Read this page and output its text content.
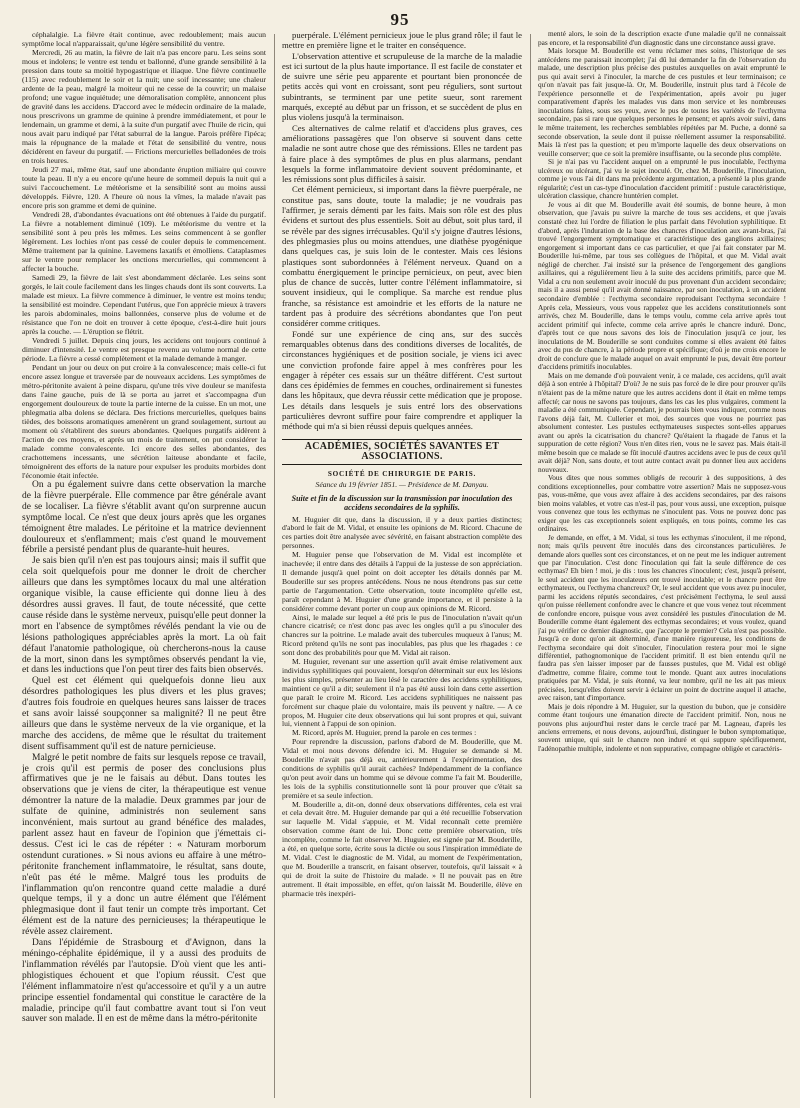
95

céphalalgie. La fièvre était continue, avec redoublement; mais aucun symptôme local n'apparaissait, qu'une légère sensibilité du ventre.

Mercredi, 26 au matin, la fièvre de lait n'a pas encore paru. Les seins sont mous et indolens; le ventre est tendu et ballonné, d'une grande sensibilité à la pression dans toute sa moitié hypogastrique et iliaque. Une fièvre continuelle (115) avec redoublement le soir et la nuit; une soif incessante; une chaleur ardente de la peau, malgré la moiteur qui ne cesse de la couvrir; un malaise profond; une vague inquiétude; une démoralisation complète, annoncent plus de gravité dans les accidens. D'accord avec le médecin ordinaire de la malade, nous prescrivons un gramme de quinine à prendre immédiatement, et pour le lendemain, un gramme et demi, à la suite d'un purgatif avec l'huile de ricin, qui nous avait paru indiqué par l'état saburral de la langue. Parois préfère l'ipéca; mais la répugnance de la malade et l'état de sensibilité du ventre, nous décidèrent en faveur du purgatif. — Frictions mercurielles belladonées de trois en trois heures.

Jeudi 27 mai, même état, sauf une abondante éruption miliaire qui couvre toute la peau. Il n'y a eu encore qu'une heure de sommeil depuis la nuit qui a suivi l'accouchement. Le météorisme et la sensibilité sont au moins aussi développés. Fièvre, 120. A l'heure où nous la vîmes, la malade n'avait pas encore pris son gramme et demi de quinine.

Vendredi 28, d'abondantes évacuations ont été obtenues à l'aide du purgatif. La fièvre a notablement diminué (109). Le météorisme du ventre et la sensibilité sont à peu près les mêmes. Les seins commencent à se gonfler légèrement. Les lochies n'ont pas cessé de couler depuis le commencement. Même traitement par la quinine. Lavemens laxatifs et émolliens. Cataplasmes sur le ventre pour remplacer les onctions mercurielles, qui commencent à affecter la bouche.

Samedi 29, la fièvre de lait s'est abondamment déclarée. Les seins sont gorgés, le lait coule facilement dans les linges chauds dont ils sont couverts. La malade est mieux. La fièvre commence à diminuer, le ventre est moins tendu; la sensibilité est moindre. Cependant l'utérus, que l'on apprécie mieux à travers les parois abdominales, moins ballonnées, conserve plus de volume et de résistance que l'on ne doit en trouver à cette époque, c'est-à-dire huit jours après la couche. — L'éruption se flétrit.

Vendredi 5 juillet. Depuis cinq jours, les accidens ont toujours continué à diminuer d'intensité. Le ventre est presque revenu au volume normal de cette période. La fièvre a cessé complètement et la malade demande à manger.

Pendant un jour ou deux on put croire à la convalescence; mais celle-ci fut encore assez longue et traversée par de nouveaux accidens. Les symptômes de métro-péritonite avaient à peine disparu, qu'une très vive douleur se manifesta dans l'aine gauche, puis de là se porta au jarret et s'accompagna d'un engorgement douloureux de toute la partie interne de la cuisse. En un mot, une phlegmatia alba dolens se déclara. Des frictions mercurielles, quelques bains tièdes, des boissons aromatiques amenèrent un grand soulagement, surtout au moment où s'établirent des sueurs abondantes. Quelques purgatifs aidèrent à l'action de ces moyens, et après un mois de traitement, on put considérer la malade comme convalescente. Ici encore des selles abondantes, des crachottemens incessants, une sécrétion laiteuse abondante et facile, témoignèrent des efforts de la nature pour expulser les produits morbides dont l'économie était infectée.

On a pu également suivre dans cette observation la marche de la fièvre puerpérale. Elle commence par être générale avant de se localiser. La fièvre s'établit avant qu'on surprenne aucun symptôme local. Ce n'est que deux jours après que les organes témoignent être malades. Le péritoine et la matrice deviennent douloureux et s'enflamment; mais c'est quand le mouvement fébrile a persisté pendant plus de quarante-huit heures.

Je sais bien qu'il n'en est pas toujours ainsi; mais il suffit que cela soit quelquefois pour me donner le droit de chercher ailleurs que dans les symptômes locaux du mal une altération organique visible, la cause efficiente qui donne lieu à des désordres aussi graves. Il faut, de toute nécessité, que cette cause réside dans le système nerveux, puisqu'elle peut donner la mort en l'absence de symptômes révélés pendant la vie ou de lésions pathologiques appréciables après la mort. La où fait défaut l'anatomie pathologique, où chercherons-nous la cause de la mort, sinon dans les symptômes observés pendant la vie, et dans les inductions que l'on peut tirer des faits bien observés.

Quel est cet élément qui quelquefois donne lieu aux désordres pathologiques les plus divers et les plus graves; d'autres fois foudroie en quelques heures sans laisser de traces et sans avoir laissé soupçonner sa malignité? Il ne peut être ailleurs que dans le système nerveux de la vie organique, et la marche des accidens, de même que le résultat du traitement disent suffisamment qu'il est de nature pernicieuse.

Malgré le petit nombre de faits sur lesquels repose ce travail, je crois qu'il est permis de poser des conclusions plus affirmatives que je ne le faisais au début. Dans toutes les observations que je viens de citer, la thérapeutique est venue démontrer la nature de la maladie. Deux grammes par jour de sulfate de quinine, administrés non seulement sans inconvénient, mais surtout au grand bénéfice des malades, parlent assez haut en faveur de l'opinion que j'émettais ci-dessus. C'est ici le cas de répéter : « Naturam morborum ostendunt curationes. » Si nous avions eu affaire à une métro-péritonite franchement inflammatoire, le résultat, sans doute, n'eût pas été le même. Malgré tous les produits de l'inflammation qu'on rencontre quand cette maladie a duré quelque temps, il y a donc un autre élément que l'élément phlegmasique dont il faut tenir un compte très important. Cet élément est de la nature des pernicieuses; la thérapeutique le révèle assez clairement.

Dans l'épidémie de Strasbourg et d'Avignon, dans la méningo-céphalite épidémique, il y a aussi des produits de l'inflammation révélés par l'autopsie. D'où vient que les anti-phlogistiques échouent et que l'opium réussit. C'est que l'élément inflammatoire n'est qu'accessoire et qu'il y a un autre principe essentiel fondamental qui constitue le caractère de la maladie, principe qu'il faut combattre avant tout si l'on veut sauver son malade. Il en est de même dans la métro-péritonite

puerpérale. L'élément pernicieux joue le plus grand rôle; il faut le mettre en première ligne et le traiter en conséquence.

L'observation attentive et scrupuleuse de la marche de la maladie est ici surtout de la plus haute importance. Il est facile de constater et de suivre une série peu apparente et pourtant bien prononcée de petits accès qui vont en croissant, sont peu réguliers, sont surtout subintrants, se terminent par une petite sueur, sont rarement marqués, excepté au début par un frisson, et se succèdent de plus en plus violens jusqu'à la terminaison.

Ces alternatives de calme relatif et d'accidens plus graves, ces améliorations passagères que l'on observe si souvent dans cette maladie ne sont autre chose que des rémissions. Elles ne tardent pas à faire place à des symptômes de plus en plus alarmans, pendant lesquels la forme inflammatoire devient souvent prédominante, et les rémissions sont plus difficiles à saisir.

Cet élément pernicieux, si important dans la fièvre puerpérale, ne constitue pas, sans doute, toute la maladie; je ne voudrais pas l'affirmer, je serais démenti par les faits. Mais son rôle est des plus évidens et surtout des plus essentiels. Soit au début, soit plus tard, il se révèle par des signes irrécusables. Qu'il s'y joigne d'autres lésions, des phlegmasies plus ou moins attendues, une diathèse pyogénique dans quelques cas, je suis loin de le contester. Mais ces lésions plastiques sont subordonnées à l'élément nerveux. Quand on a combattu énergiquement le principe pernicieux, on peut, avec bien plus de chance de succès, lutter contre l'élément inflammatoire, si souvent insidieux, qui le complique. Sa marche est rendue plus franche, sa résistance est amoindrie et les efforts de la nature ne tardent pas à produire des sécrétions abondantes que l'on peut considérer comme critiques.

Fondé sur une expérience de cinq ans, sur des succès remarquables obtenus dans des conditions diverses de localités, de circonstances hygiéniques et de position sociale, je viens ici avec une conviction profonde faire appel à mes confrères pour les engager à répéter ces essais sur un théâtre différent. C'est surtout dans ces épidémies de femmes en couches, ordinairement si funestes dans les hôpitaux, que devra réussir cette médication que je propose. Les détails dans lesquels je suis entré lors des observations particulières devront suffire pour faire comprendre et appliquer la méthode qui m'a si bien réussi depuis quelques années.

ACADÉMIES, SOCIÉTÉS SAVANTES ET ASSOCIATIONS.
SOCIÉTÉ DE CHIRURGIE DE PARIS.
Séance du 19 février 1851. — Présidence de M. Danyau.
Suite et fin de la discussion sur la transmission par inoculation des accidens secondaires de la syphilis.

M. Huguier dit que, dans la discussion, il y a deux parties distinctes; d'abord le fait de M. Vidal, et ensuite les opinions de M. Ricord. Chacune de ces parties doit être analysée avec sévérité, en faisant abstraction complète des personnes.

M. Huguier pense que l'observation de M. Vidal est incomplète et inachevée; il entre dans des détails à l'appui de la justesse de son appréciation. Il demande jusqu'à quel point on doit accepter les détails donnés par M. Bouderille sur ses propres antécédens. Nous ne nous étendrons pas sur cette partie de l'argumentation. Cette observation, toute incomplète qu'elle est, paraît cependant à M. Huguier d'une grande importance, et il persiste à la considérer comme devant porter un coup aux opinions de M. Ricord.

Ainsi, le malade sur lequel a été pris le pus de l'inoculation n'avait qu'un chancre cicatrisé; ce n'est donc pas avec les ongles qu'il a pu s'inoculer des chancres sur la poitrine. Le malade avait des tubercules muqueux à l'anus; M. Ricord prétend qu'ils ne sont pas inoculables, pas plus que les rhagades : ce sont donc des probabilités pour que M. Vidal ait raison.

M. Huguier, revenant sur une assertion qu'il avait émise relativement aux individus syphilitiques qui pouvaient, lorsqu'on déterminait sur eux les lésions les plus simples, présenter au lieu lésé le caractère des accidens syphilitiques, maintient ce qu'il a dit; seulement il n'a pas été aussi loin dans cette assertion que paraît le croire M. Ricord. Les accidens syphilitiques ne naissent pas forcément sur chaque plaie du volontaire, mais ils peuvent y naître. — A ce propos, M. Huguier cite deux observations qui lui sont propres et qui, suivant lui, viennent à l'appui de son opinion.

M. Ricord, après M. Huguier, prend la parole en ces termes :

Pour reprendre la discussion, parlons d'abord de M. Bouderille, que M. Vidal et moi nous devons défendre ici. M. Huguier se demande si M. Bouderille n'avait pas déjà eu, antérieurement à l'expérimentation, des conditions de syphilis qu'il aurait cachées? Indépendamment de la confiance qu'on peut avoir dans un homme qui se dévoue comme l'a fait M. Bouderille, les lois de la syphilis constitutionnelle sont là pour prouver que c'était sa première et sa seule infection.

M. Bouderille a, dit-on, donné deux observations différentes, cela est vrai et cela devait être. M. Huguier demande par qui a été recueillie l'observation sur laquelle M. Vidal s'appuie, et M. Vidal reconnaît cette première observation comme étant de lui. Donc cette première observation, très incomplète, comme le fait observer M. Huguier, est signée par M. Bouderille, a été, en quelque sorte, écrite sous la dictée ou sous l'inspiration immédiate de M. Vidal. C'est le diagnostic de M. Vidal, au moment de l'expérimentation, que M. Bouderille a transcrit, en faisant observer, toutefois, qu'il laissait « à qui de droit la suite de l'histoire du malade. » Il ne pouvait pas en être autrement. Il était impossible, en effet, qu'on laissât M. Bouderille, élève en pharmacie très inexpéri-

menté alors, le soin de la description exacte d'une maladie qu'il ne connaissait pas encore, et la responsabilité d'un diagnostic dans une circonstance aussi grave.

Mais lorsque M. Bouderille est venu réclamer mes soins, l'historique de ses antécédens me paraissait incomplet; j'ai dû lui demander la fin de l'observation du malade, une description plus précise des pustules auxquelles on avait emprunté le pus qui avait servi à l'inoculer, la marche de ces pustules et leur terminaison; ce qu'on n'avait pas fait jusque-là. Or, M. Bouderille, instruit plus tard à l'école de l'expérience personnelle et de l'expérimentation, après avoir pu juger comparativement d'après les malades vus dans mon service et les nombreuses inoculations faites, sous ses yeux, avec le pus de toutes les variétés de l'ecthyma secondaire, pas si rare que quelques personnes le pensent; et après avoir suivi, dans le même traitement, les recherches semblables répétées par M. Puche, a donné sa seconde observation, la seule dont il puisse réellement assumer la responsabilité. Mais là n'est pas la question; et peu m'importe laquelle des deux observations on veuille conserver; que ce soit la première insuffisante, ou la seconde plus complète.

Si je n'ai pas vu l'accident auquel on a emprunté le pus inoculable, l'ecthyma ulcéreux ou ulcérant, j'ai vu le sujet inoculé. Or, chez M. Bouderille, l'inoculation, comme je vous l'ai dit dans ma précédente argumentation, a présenté la plus grande régularité; c'est un cas-type d'inoculation d'accident primitif : pustule caractéristique, ulcération classique, chancre huntérien complet.

Je vous ai dit que M. Bouderille avait été soumis, de bonne heure, à mon observation, que j'avais pu suivre la marche de tous ses accidens, et que j'avais constaté chez lui l'ordre de filiation le plus parfait dans l'évolution syphilitique. Et d'abord, après l'induration de la base des chancres d'inoculation aux avant-bras, j'ai trouvé l'engorgement symptomatique et caractéristique des ganglions axillaires; engorgement si important dans ce cas particulier, et que j'ai fait constater par M. Bouderille lui-même, par tous ses collègues de l'hôpital, et que M. Vidal avait négligé de chercher. J'ai insisté sur la présence de l'engorgement des ganglions axillaires, qui a régulièrement lieu à la suite des accidens primitifs, parce que M. Vidal a cru non seulement avoir inoculé du pus provenant d'un accident secondaire; mais il a aussi pensé qu'il avait donné naissance, par son inoculation, à un accident secondaire d'emblée : l'ecthyma secondaire reproduisant l'ecthyma secondaire ! Après cela, Messieurs, vous vous rappelez que les accidens constitutionnels sont arrivés, chez M. Bouderille, dans le temps voulu, comme cela arrive après tout accident primitif qui infecte, comme cela arrive après le chancre induré. Donc, d'après tout ce que nous savons des lois de l'inoculation jusqu'à ce jour, les inoculations de M. Bouderille se sont conduites comme si elles avaient été faites avec du pus de chancre, à la période propre et spécifique; d'où je me crois encore le droit de conclure que le malade auquel on avait emprunté le pus, devait être porteur d'accidens primitifs inoculables.

Mais on me demande d'où pouvaient venir, à ce malade, ces accidens, qu'il avait déjà à son entrée à l'hôpital? D'où? Je ne suis pas forcé de le dire pour prouver qu'ils n'étaient pas de la même nature que les autres accidens dont il était en même temps affecté; car nous ne savons pas toujours, dans les cas les plus vulgaires, comment la maladie a été communiquée. Cependant, je pourrais bien vous indiquer, comme nous l'avons déjà fait, M. Cullerier et moi, des sources que vous ne pourriez pas absolument contester. Les pustules ecthymateuses suspectes sont-elles apparues avant ou après la cicatrisation du chancre? Qu'étaient la rhagade de l'anus et la suppuration de cette région? Vous n'en dites rien, vous ne le savez pas. Mais était-il même besoin que ce malade se fût inoculé d'autres accidens avec le pus de ceux qu'il avait déjà? Non, sans doute, et tout autre contact avait pu donner lieu aux accidens nouveaux.

Vous dites que nous sommes obligés de recourir à des suppositions, à des conditions exceptionnelles, pour combattre votre assertion? Mais ne supposez-vous pas, vous-même, que vous avez affaire à des accidens secondaires, par des raisons bien moins valables, et votre cas n'est-il pas, pour vous aussi, une exception, puisque vous convenez que tous les ecthymas ne s'inoculent pas. Vous ne pouvez donc pas exiger que les cas exceptionnels soient expliqués, en tous points, comme les cas ordinaires.

Je demande, en effet, à M. Vidal, si tous les ecthymas s'inoculent, il me répond, non; mais qu'ils peuvent être inoculés dans des circonstances particulières. Je demande alors quelles sont ces circonstances, et on ne peut me les indiquer autrement que par l'inoculation. C'est donc l'inoculation qui fait la seule différence de ces ecthymas? Eh bien ! moi, je dis : tous les chancres s'inoculent; c'est, jusqu'à présent, le seul accident que les inoculateurs ont trouvé inoculable; et le chancre peut être ecthymateux, ou l'ecthyma chancreux? Or, le seul accident que vous avez pu inoculer, parmi les accidens réputés secondaires, c'est précisément l'ecthyma, le seul aussi qu'on puisse réellement confondre avec le chancre et que vous venez tout récemment de confondre encore, puisque vous avez considéré les pustules d'inoculation de M. Bouderille comme étant également des ecthymas secondaires; et vous voulez, quand j'ai pu vérifier ce dernier diagnostic, que j'accepte le premier? Cela n'est pas possible. Jusqu'à ce donc qu'on ait déterminé, d'une manière rigoureuse, les conditions de l'ecthyma secondaire qui doit s'inoculer, l'inoculation restera pour moi le signe différentiel, pathognomonique de l'accident primitif. Il est bien entendu qu'il ne faudra pas s'en laisser imposer par de fausses pustules, que M. Vidal est obligé d'admettre, comme filaire, comme tout le monde. Quant aux autres inoculations pratiquées par M. Vidal, je suis étonné, va leur nombre, qu'il ne les ait pas mieux précisées, lorsqu'elles doivent servir à éclairer un point de doctrine auquel il attache, avec raison, tant d'importance.

Mais je dois répondre à M. Huguier, sur la question du bubon, que je considère comme étant toujours une émanation directe de l'accident primitif. Non, nous ne pouvons plus aujourd'hui rester dans le cercle tracé par M. Lagneau, d'après les anciens errremens, et nous devons, aujourd'hui, distinguer le bubon symptomatique, souvent unique, qui suit le chancre non induré et qui suppure spécifiquement, l'adénopathie multiple, indolente et non suppurative, compagne obligée et caractéris-
